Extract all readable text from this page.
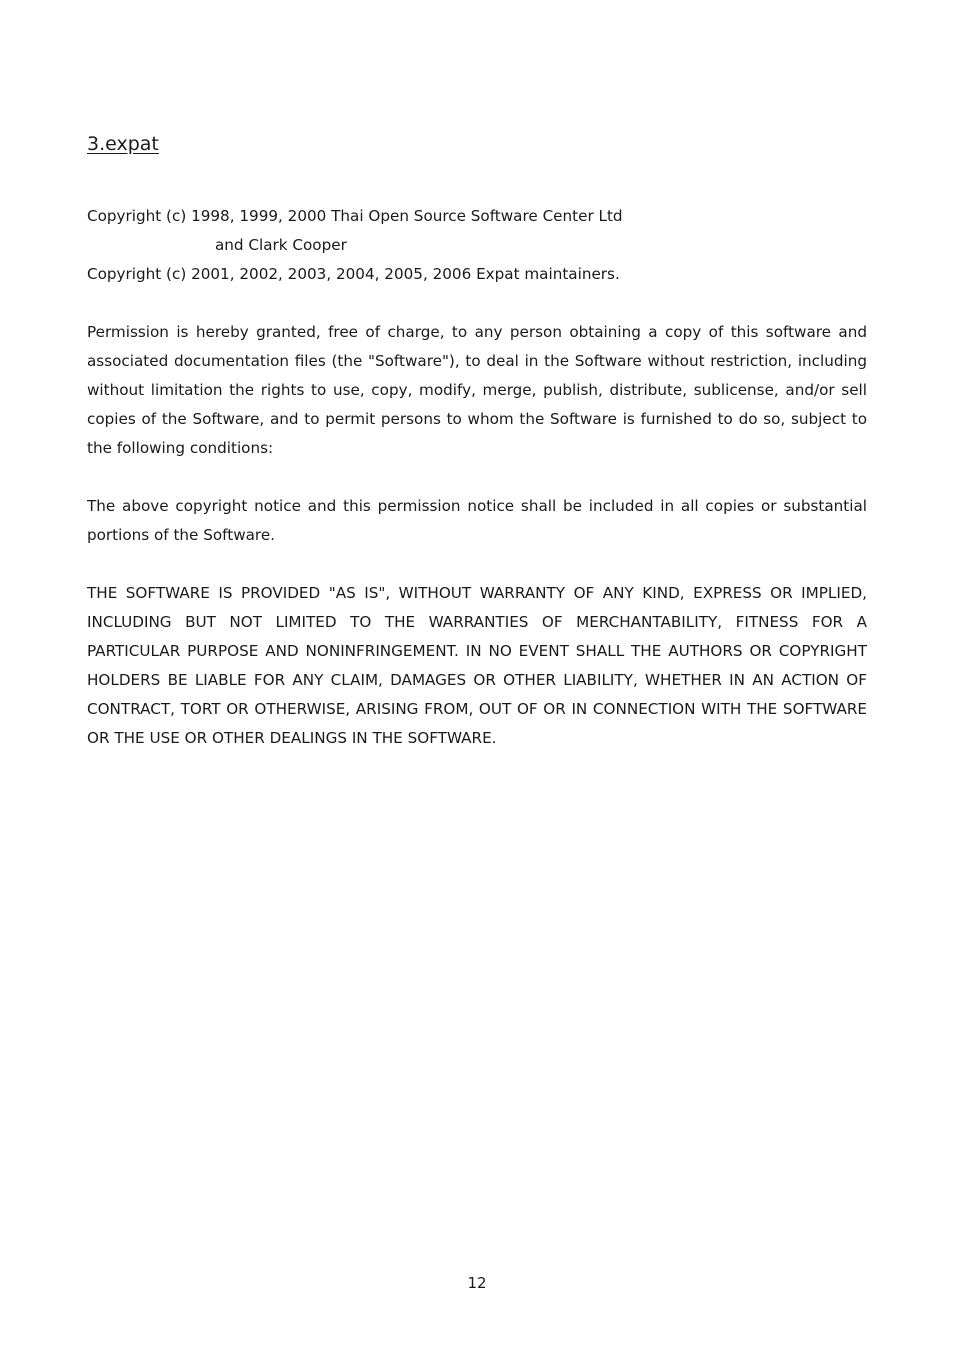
3.expat
Copyright (c) 1998, 1999, 2000 Thai Open Source Software Center Ltd
and Clark Cooper
Copyright (c) 2001, 2002, 2003, 2004, 2005, 2006 Expat maintainers.

Permission is hereby granted, free of charge, to any person obtaining a copy of this software and associated documentation files (the "Software"), to deal in the Software without restriction, including without limitation the rights to use, copy, modify, merge, publish, distribute, sublicense, and/or sell copies of the Software, and to permit persons to whom the Software is furnished to do so, subject to the following conditions:

The above copyright notice and this permission notice shall be included in all copies or substantial portions of the Software.

THE SOFTWARE IS PROVIDED "AS IS", WITHOUT WARRANTY OF ANY KIND, EXPRESS OR IMPLIED, INCLUDING BUT NOT LIMITED TO THE WARRANTIES OF MERCHANTABILITY, FITNESS FOR A PARTICULAR PURPOSE AND NONINFRINGEMENT. IN NO EVENT SHALL THE AUTHORS OR COPYRIGHT HOLDERS BE LIABLE FOR ANY CLAIM, DAMAGES OR OTHER LIABILITY, WHETHER IN AN ACTION OF CONTRACT, TORT OR OTHERWISE, ARISING FROM, OUT OF OR IN CONNECTION WITH THE SOFTWARE OR THE USE OR OTHER DEALINGS IN THE SOFTWARE.

12
